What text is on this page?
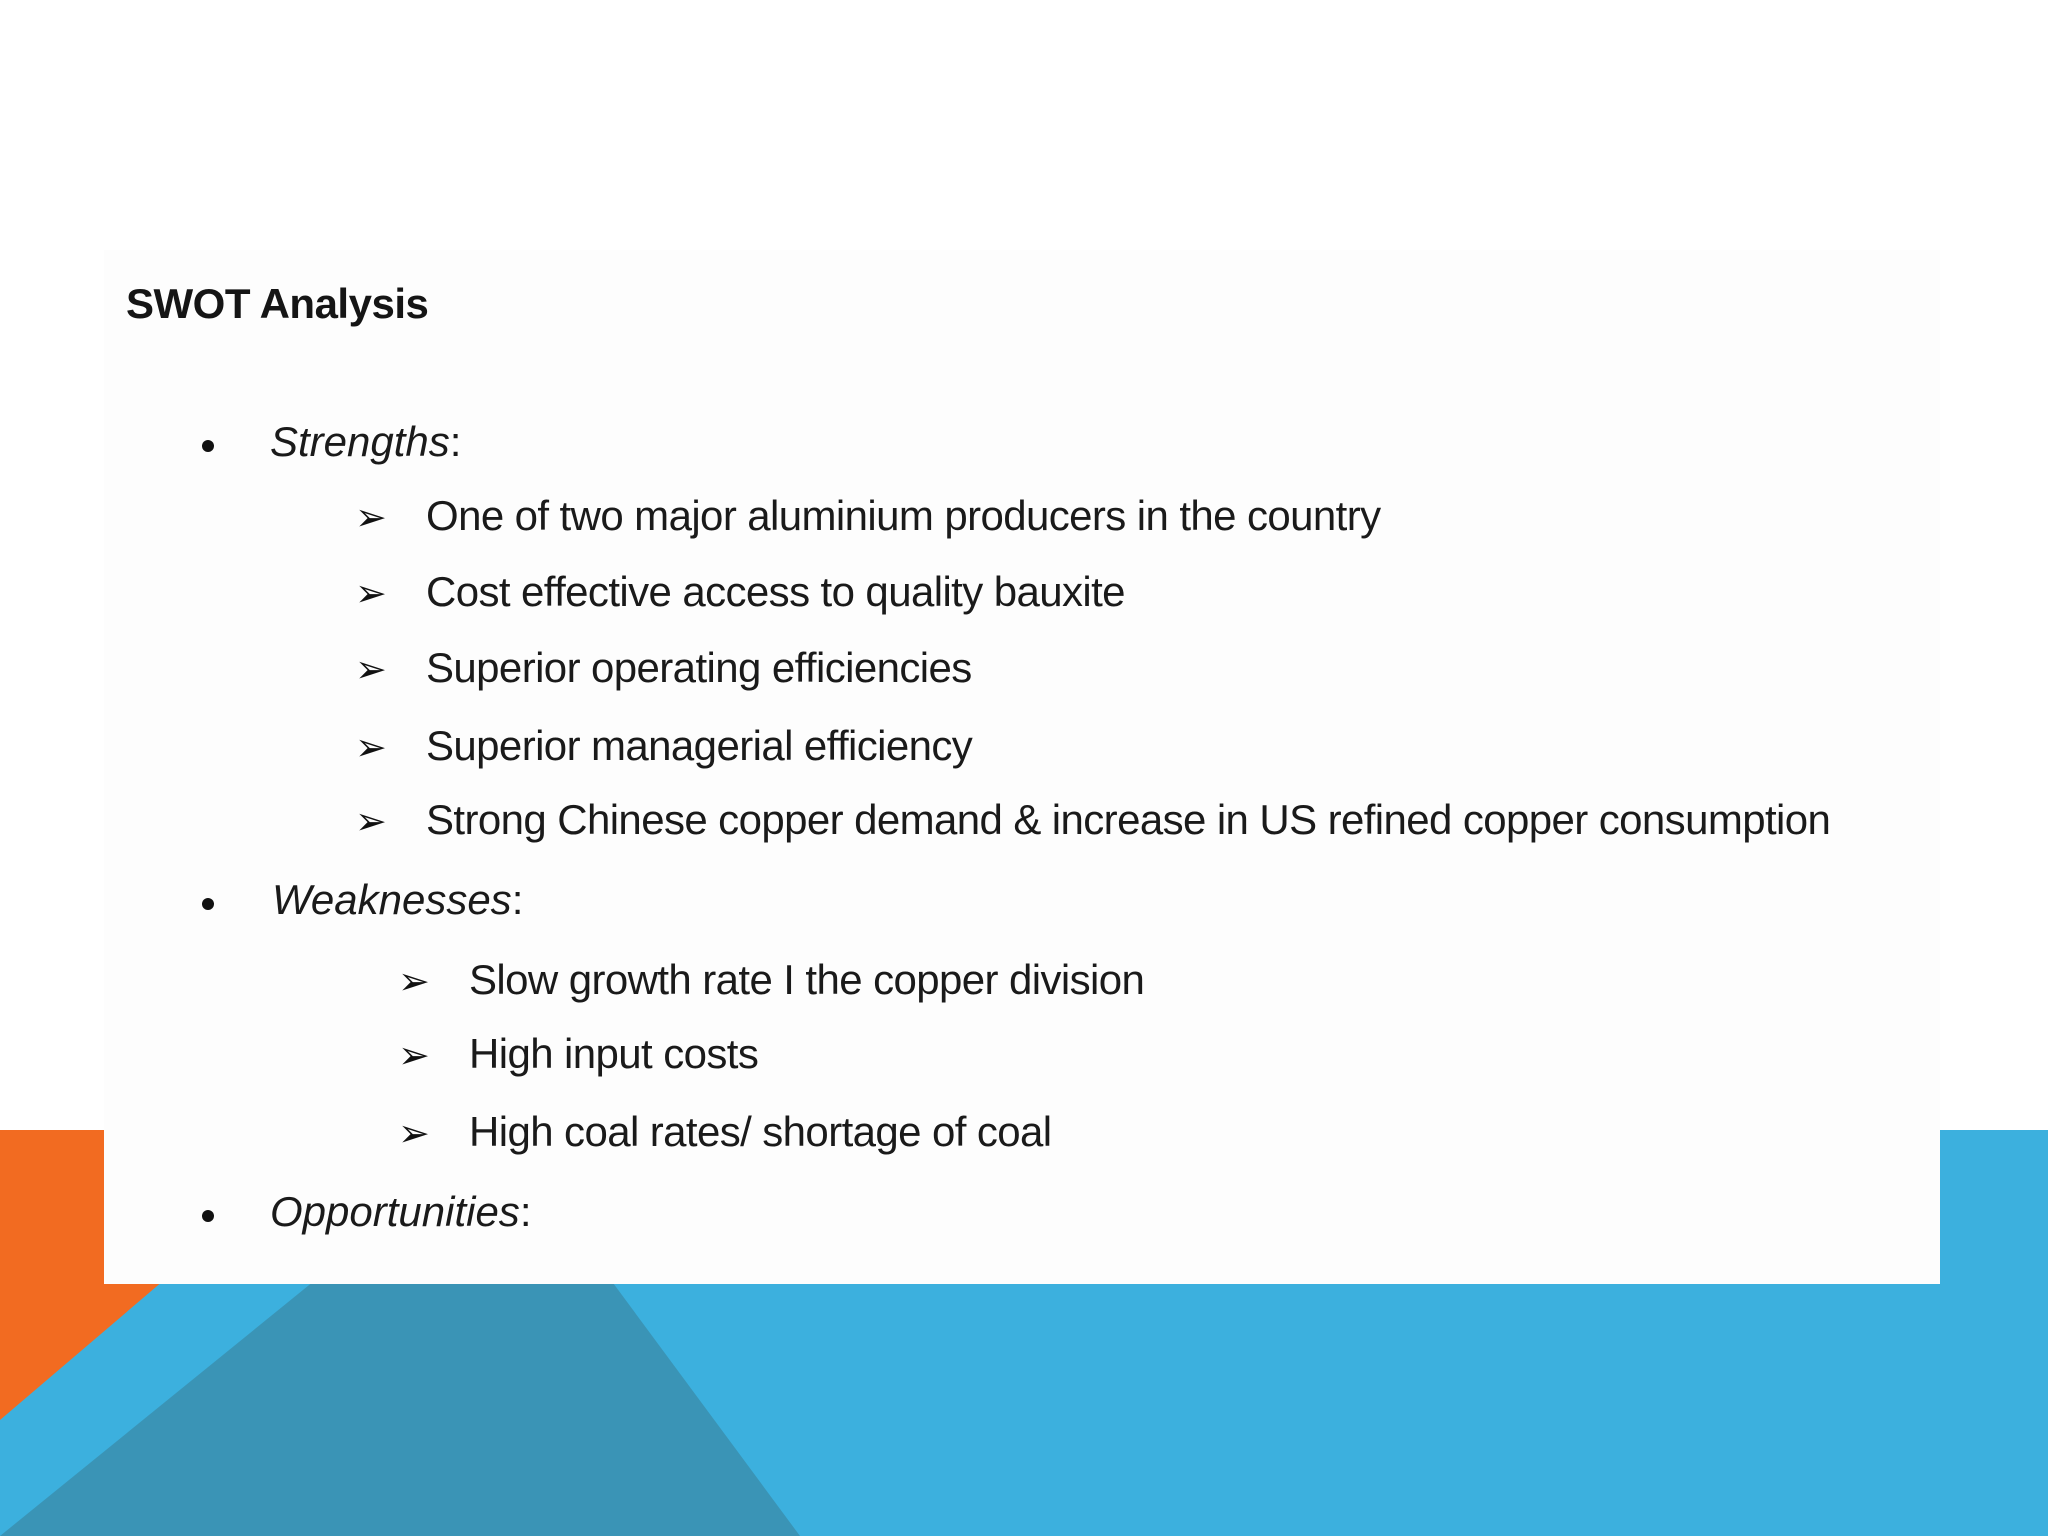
SWOT Analysis
Strengths:
➢ One of two major aluminium producers in the country
➢ Cost effective access to quality bauxite
➢ Superior operating efficiencies
➢ Superior managerial efficiency
➢ Strong Chinese copper demand & increase in US refined copper consumption
Weaknesses:
➢ Slow growth rate I the copper division
➢ High input costs
➢ High coal rates/ shortage of coal
Opportunities:
